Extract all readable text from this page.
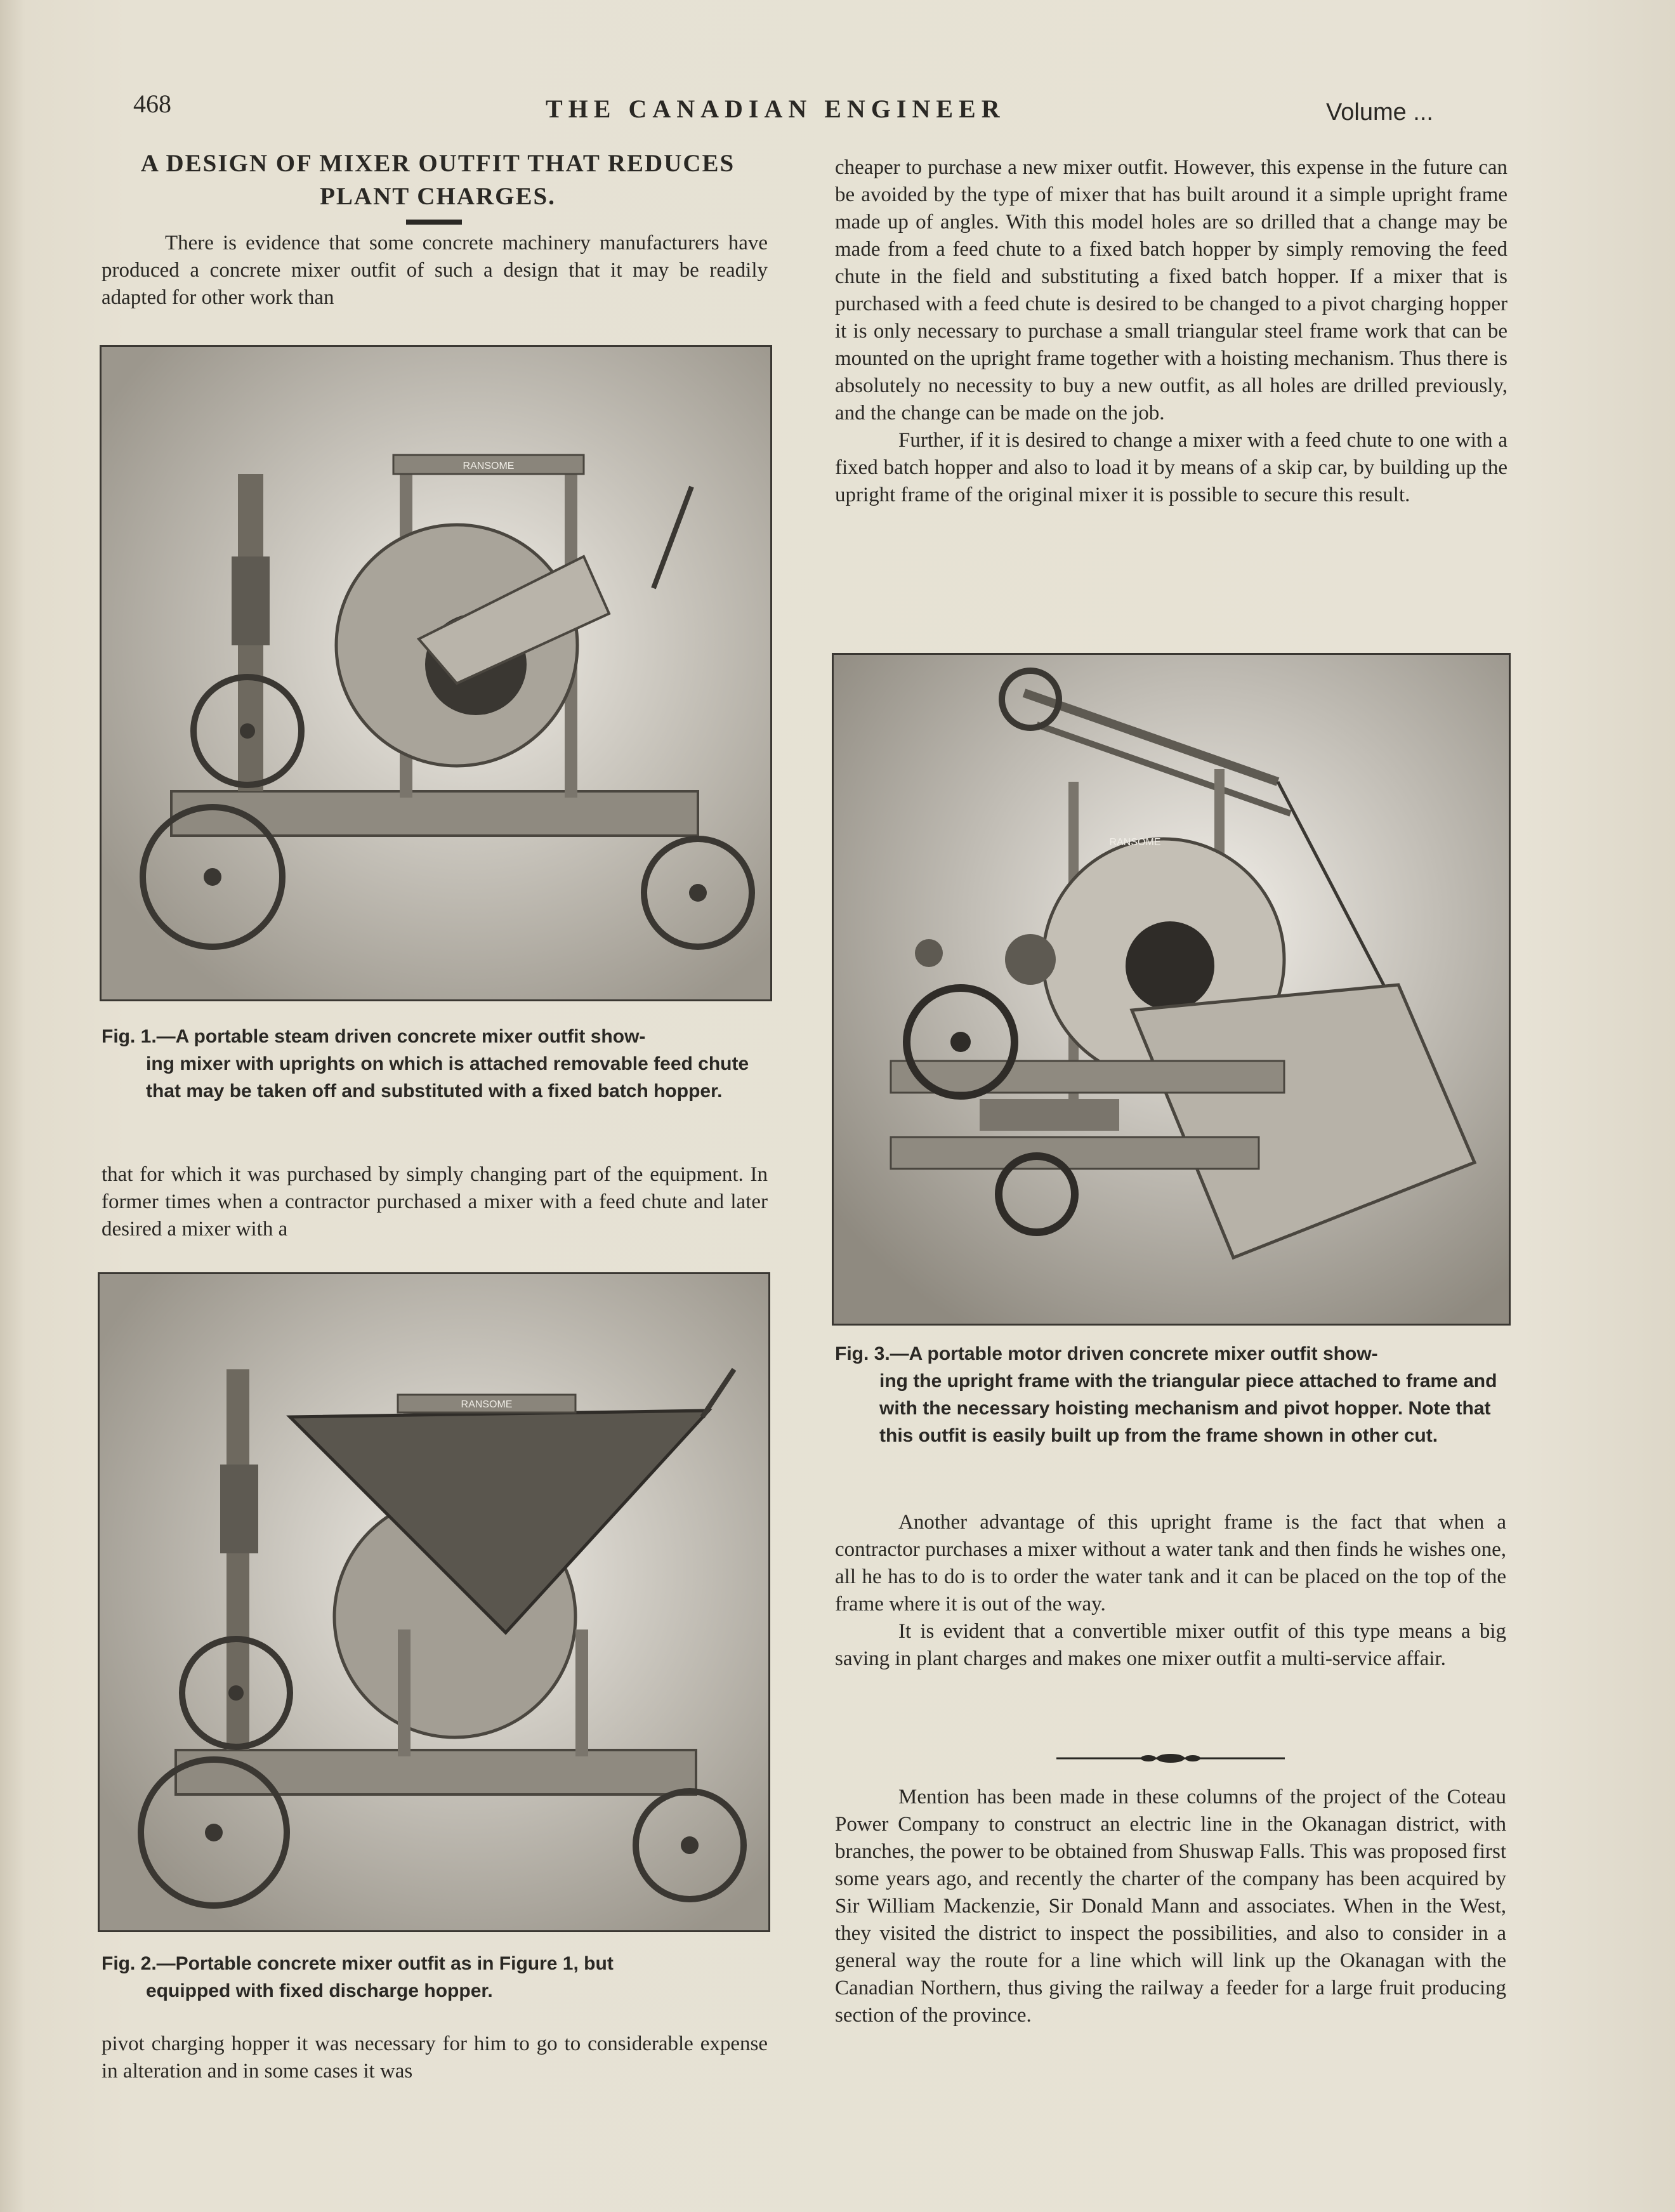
468	THE CANADIAN ENGINEER	Volume ...
A DESIGN OF MIXER OUTFIT THAT REDUCES
PLANT CHARGES.

There is evidence that some concrete machinery manufacturers have produced a concrete mixer outfit of such a design that it may be readily adapted for other work than

RANSOME
Fig. 1.—A portable steam driven concrete mixer outfit show-
ing mixer with uprights on which is attached removable feed chute that may be taken off and substituted with a fixed batch hopper.

that for which it was purchased by simply changing part of the equipment. In former times when a contractor purchased a mixer with a feed chute and later desired a mixer with a

RANSOME
Fig. 2.—Portable concrete mixer outfit as in Figure 1, but
equipped with fixed discharge hopper.

pivot charging hopper it was necessary for him to go to considerable expense in alteration and in some cases it was

cheaper to purchase a new mixer outfit. However, this expense in the future can be avoided by the type of mixer that has built around it a simple upright frame made up of angles. With this model holes are so drilled that a change may be made from a feed chute to a fixed batch hopper by simply removing the feed chute in the field and substituting a fixed batch hopper. If a mixer that is purchased with a feed chute is desired to be changed to a pivot charging hopper it is only necessary to purchase a small triangular steel frame work that can be mounted on the upright frame together with a hoisting mechanism. Thus there is absolutely no necessity to buy a new outfit, as all holes are drilled previously, and the change can be made on the job.

Further, if it is desired to change a mixer with a feed chute to one with a fixed batch hopper and also to load it by means of a skip car, by building up the upright frame of the original mixer it is possible to secure this result.

RANSOME
Fig. 3.—A portable motor driven concrete mixer outfit show-
ing the upright frame with the triangular piece attached to frame and with the necessary hoisting mechanism and pivot hopper. Note that this outfit is easily built up from the frame shown in other cut.

Another advantage of this upright frame is the fact that when a contractor purchases a mixer without a water tank and then finds he wishes one, all he has to do is to order the water tank and it can be placed on the top of the frame where it is out of the way.

It is evident that a convertible mixer outfit of this type means a big saving in plant charges and makes one mixer outfit a multi-service affair.

Mention has been made in these columns of the project of the Coteau Power Company to construct an electric line in the Okanagan district, with branches, the power to be obtained from Shuswap Falls. This was proposed first some years ago, and recently the charter of the company has been acquired by Sir William Mackenzie, Sir Donald Mann and associates. When in the West, they visited the district to inspect the possibilities, and also to consider in a general way the route for a line which will link up the Okanagan with the Canadian Northern, thus giving the railway a feeder for a large fruit producing section of the province.
